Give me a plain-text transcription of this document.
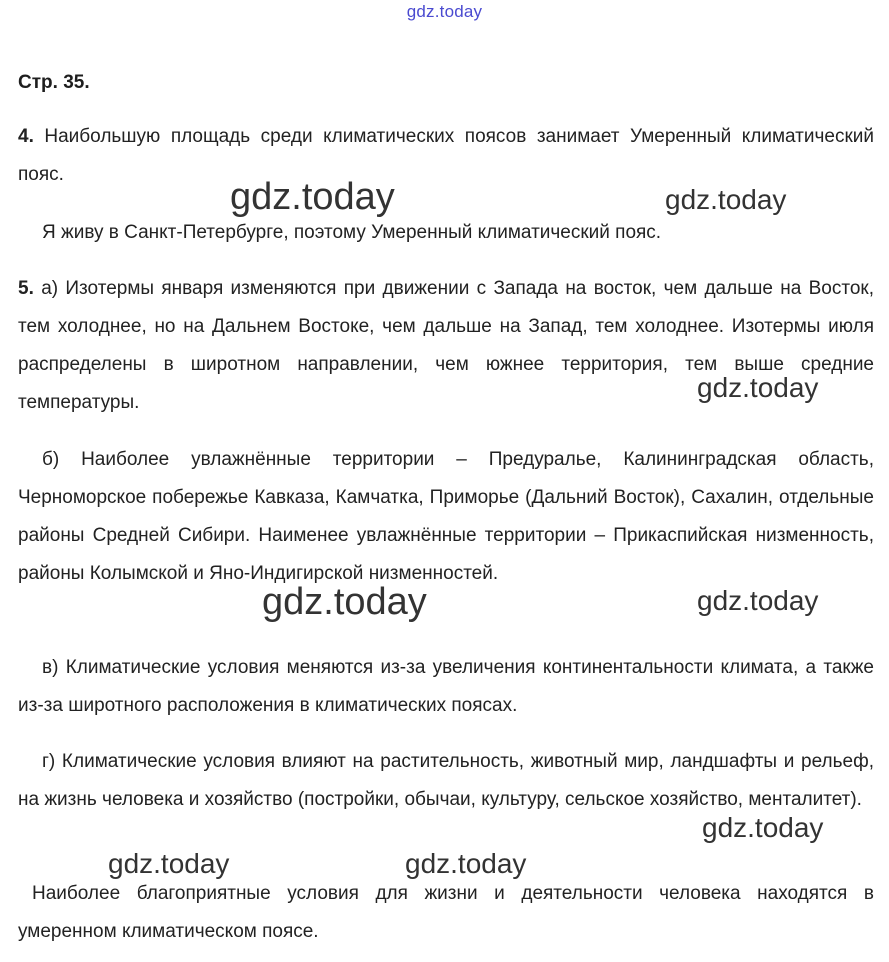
gdz.today
Стр. 35.

4. Наибольшую площадь среди климатических поясов занимает Умеренный климатический пояс.

Я живу в Санкт-Петербурге, поэтому Умеренный климатический пояс.

5. а) Изотермы января изменяются при движении с Запада на восток, чем дальше на Восток, тем холоднее, но на Дальнем Востоке, чем дальше на Запад, тем холоднее. Изотермы июля распределены в широтном направлении, чем южнее территория, тем выше средние температуры.

б) Наиболее увлажнённые территории – Предуралье, Калининградская область, Черноморское побережье Кавказа, Камчатка, Приморье (Дальний Восток), Сахалин, отдельные районы Средней Сибири. Наименее увлажнённые территории – Прикаспийская низменность, районы Колымской и Яно-Индигирской низменностей.

в) Климатические условия меняются из-за увеличения континентальности климата, а также из-за широтного расположения в климатических поясах.

г) Климатические условия влияют на растительность, животный мир, ландшафты и рельеф, на жизнь человека и хозяйство (постройки, обычаи, культуру, сельское хозяйство, менталитет).

Наиболее благоприятные условия для жизни и деятельности человека находятся в умеренном климатическом поясе.

gdz.today	gdz.today
gdz.today
gdz.today	gdz.today
gdz.today
gdz.today	gdz.today
